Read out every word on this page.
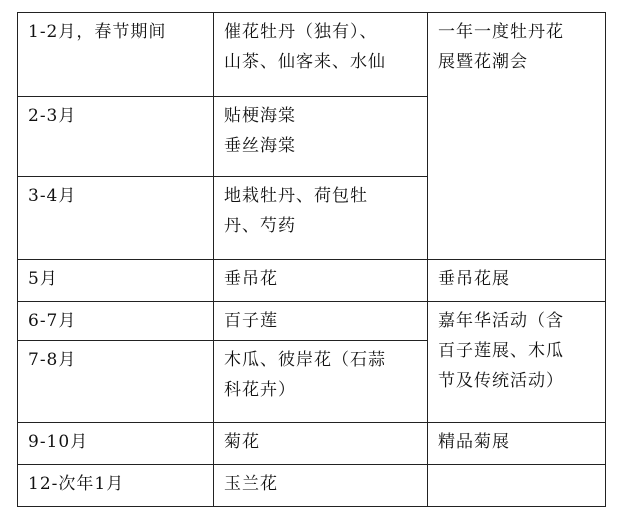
1-2月，春节期间	催花牡丹（独有）、
山茶、仙客来、水仙	一年一度牡丹花
展暨花潮会

2-3月	贴梗海棠
垂丝海棠	

3-4月	地栽牡丹、荷包牡
丹、芍药	

5月	垂吊花	垂吊花展

6-7月	百子莲	嘉年华活动（含
百子莲展、木瓜
节及传统活动）

7-8月	木瓜、彼岸花（石蒜
科花卉）	

9-10月	菊花	精品菊展

12-次年1月	玉兰花	
